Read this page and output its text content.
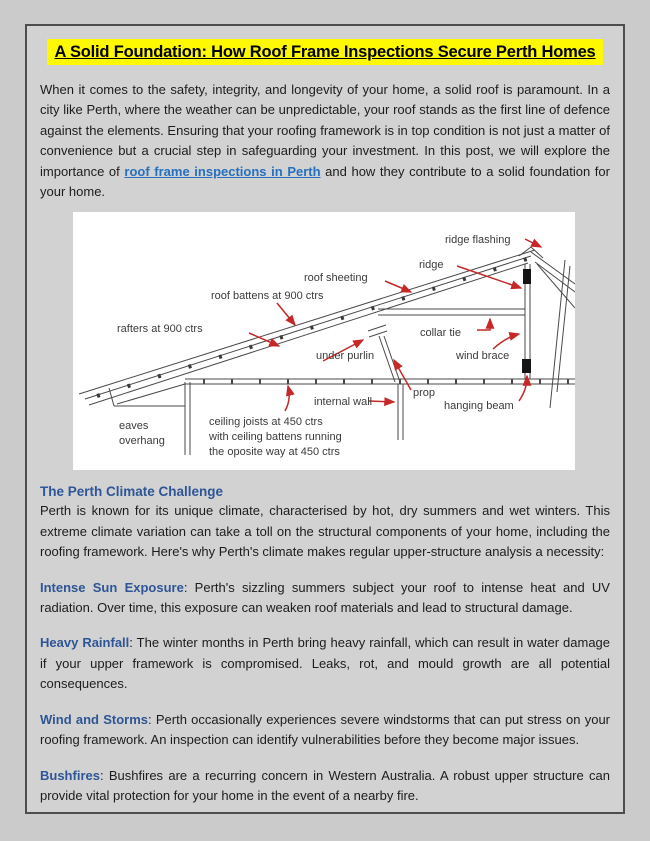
A Solid Foundation: How Roof Frame Inspections Secure Perth Homes

When it comes to the safety, integrity, and longevity of your home, a solid roof is paramount. In a city like Perth, where the weather can be unpredictable, your roof stands as the first line of defence against the elements. Ensuring that your roofing framework is in top condition is not just a matter of convenience but a crucial step in safeguarding your investment. In this post, we will explore the importance of roof frame inspections in Perth and how they contribute to a solid foundation for your home.

ridge flashing
ridge
roof sheeting
roof battens at 900 ctrs
rafters at 900 ctrs	collar tie
under purlin	wind brace
prop
internal wall	hanging beam
eaves
overhang
ceiling joists at 450 ctrs
with ceiling battens running
the oposite way at 450 ctrs
The Perth Climate Challenge

Perth is known for its unique climate, characterised by hot, dry summers and wet winters. This extreme climate variation can take a toll on the structural components of your home, including the roofing framework. Here's why Perth's climate makes regular upper-structure analysis a necessity:

Intense Sun Exposure: Perth's sizzling summers subject your roof to intense heat and UV radiation. Over time, this exposure can weaken roof materials and lead to structural damage.

Heavy Rainfall: The winter months in Perth bring heavy rainfall, which can result in water damage if your upper framework is compromised. Leaks, rot, and mould growth are all potential consequences.

Wind and Storms: Perth occasionally experiences severe windstorms that can put stress on your roofing framework. An inspection can identify vulnerabilities before they become major issues.

Bushfires: Bushfires are a recurring concern in Western Australia. A robust upper structure can provide vital protection for your home in the event of a nearby fire.
